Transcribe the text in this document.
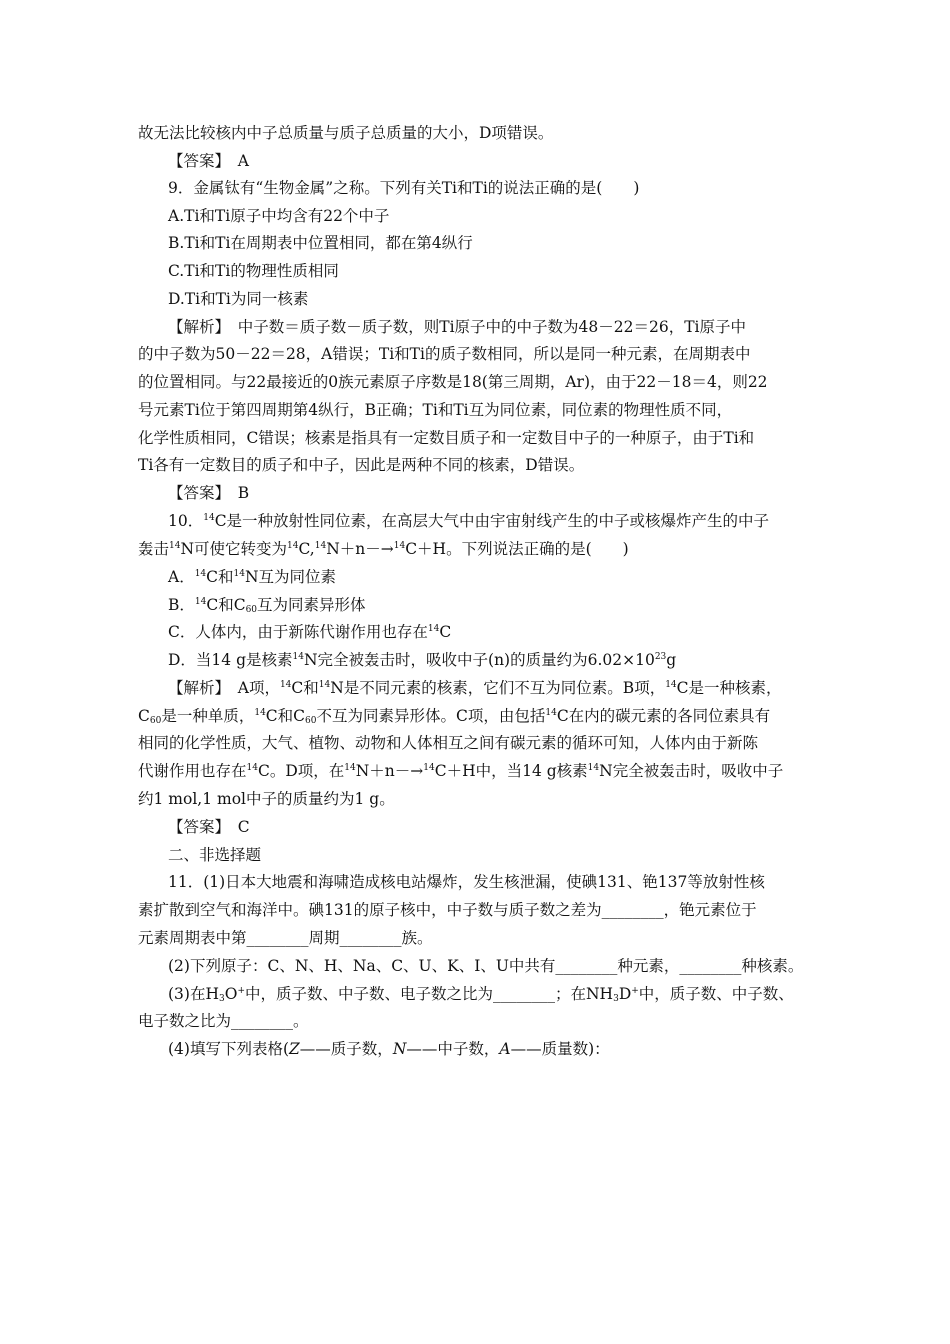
故无法比较核内中子总质量与质子总质量的大小，D项错误。
【答案】　A
9．金属钛有“生物金属”之称。下列有关Ti和Ti的说法正确的是(　　)
A.Ti和Ti原子中均含有22个中子
B.Ti和Ti在周期表中位置相同，都在第4纵行
C.Ti和Ti的物理性质相同
D.Ti和Ti为同一核素
【解析】　中子数＝质子数－质子数，则Ti原子中的中子数为48－22＝26，Ti原子中
的中子数为50－22＝28，A错误；Ti和Ti的质子数相同，所以是同一种元素，在周期表中
的位置相同。与22最接近的0族元素原子序数是18(第三周期，Ar)，由于22－18＝4，则22
号元素Ti位于第四周期第4纵行，B正确；Ti和Ti互为同位素，同位素的物理性质不同，
化学性质相同，C错误；核素是指具有一定数目质子和一定数目中子的一种原子，由于Ti和
Ti各有一定数目的质子和中子，因此是两种不同的核素，D错误。
【答案】　B
10．$^{14}$C是一种放射性同位素，在高层大气中由宇宙射线产生的中子或核爆炸产生的中子
轰击$^{14}$N可使它转变为$^{14}$C,$^{14}$N＋n－→$^{14}$C＋H。下列说法正确的是(　　)
A．$^{14}$C和$^{14}$N互为同位素
B．$^{14}$C和$C_{60}$互为同素异形体
C．人体内，由于新陈代谢作用也存在$^{14}$C
D．当14 g是核素$^{14}$N完全被轰击时，吸收中子(n)的质量约为$6.02\times 10^{23}g$
【解析】　A项，$^{14}$C和$^{14}$N是不同元素的核素，它们不互为同位素。B项，$^{14}$C是一种核素，
$C_{60}$是一种单质，$^{14}$C和$C_{60}$不互为同素异形体。C项，由包括$^{14}$C在内的碳元素的各同位素具有
相同的化学性质，大气、植物、动物和人体相互之间有碳元素的循环可知，人体内由于新陈
代谢作用也存在$^{14}$C。D项，在$^{14}$N＋n－→$^{14}$C＋H中，当14 g核素$^{14}$N完全被轰击时，吸收中子
约1 mol,1 mol中子的质量约为1 g。
【答案】　C
二、非选择题
11．(1)日本大地震和海啸造成核电站爆炸，发生核泄漏，使碘131、铯137等放射性核
素扩散到空气和海洋中。碘131的原子核中，中子数与质子数之差为________，铯元素位于
元素周期表中第________周期________族。
(2)下列原子：C、N、H、Na、C、U、K、I、U中共有________种元素，________种核素。
(3)在$H_3O^+$中，质子数、中子数、电子数之比为________；在$NH_3D^+$中，质子数、中子数、
电子数之比为________。
(4)填写下列表格(Z——质子数，N——中子数，A——质量数)：
